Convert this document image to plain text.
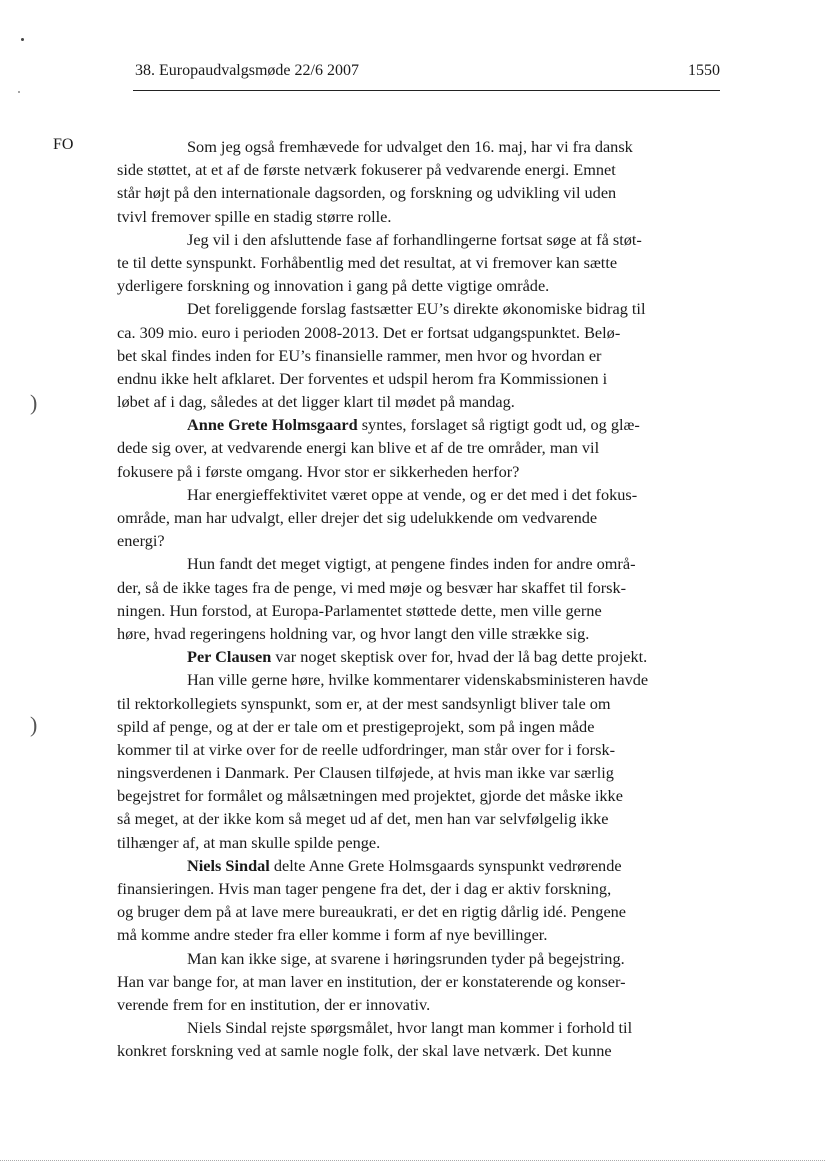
38. Europaudvalgsmøde 22/6 2007	1550
FO
)
)
Som jeg også fremhævede for udvalget den 16. maj, har vi fra dansk
side støttet, at et af de første netværk fokuserer på vedvarende energi. Emnet
står højt på den internationale dagsorden, og forskning og udvikling vil uden
tvivl fremover spille en stadig større rolle.
Jeg vil i den afsluttende fase af forhandlingerne fortsat søge at få støt-
te til dette synspunkt. Forhåbentlig med det resultat, at vi fremover kan sætte
yderligere forskning og innovation i gang på dette vigtige område.
Det foreliggende forslag fastsætter EU’s direkte økonomiske bidrag til
ca. 309 mio. euro i perioden 2008-2013. Det er fortsat udgangspunktet. Belø-
bet skal findes inden for EU’s finansielle rammer, men hvor og hvordan er
endnu ikke helt afklaret. Der forventes et udspil herom fra Kommissionen i
løbet af i dag, således at det ligger klart til mødet på mandag.
Anne Grete Holmsgaard syntes, forslaget så rigtigt godt ud, og glæ-
dede sig over, at vedvarende energi kan blive et af de tre områder, man vil
fokusere på i første omgang. Hvor stor er sikkerheden herfor?
Har energieffektivitet været oppe at vende, og er det med i det fokus-
område, man har udvalgt, eller drejer det sig udelukkende om vedvarende
energi?
Hun fandt det meget vigtigt, at pengene findes inden for andre områ-
der, så de ikke tages fra de penge, vi med møje og besvær har skaffet til forsk-
ningen. Hun forstod, at Europa-Parlamentet støttede dette, men ville gerne
høre, hvad regeringens holdning var, og hvor langt den ville strække sig.
Per Clausen var noget skeptisk over for, hvad der lå bag dette projekt.
Han ville gerne høre, hvilke kommentarer videnskabsministeren havde
til rektorkollegiets synspunkt, som er, at der mest sandsynligt bliver tale om
spild af penge, og at der er tale om et prestigeprojekt, som på ingen måde
kommer til at virke over for de reelle udfordringer, man står over for i forsk-
ningsverdenen i Danmark. Per Clausen tilføjede, at hvis man ikke var særlig
begejstret for formålet og målsætningen med projektet, gjorde det måske ikke
så meget, at der ikke kom så meget ud af det, men han var selvfølgelig ikke
tilhænger af, at man skulle spilde penge.
Niels Sindal delte Anne Grete Holmsgaards synspunkt vedrørende
finansieringen. Hvis man tager pengene fra det, der i dag er aktiv forskning,
og bruger dem på at lave mere bureaukrati, er det en rigtig dårlig idé. Pengene
må komme andre steder fra eller komme i form af nye bevillinger.
Man kan ikke sige, at svarene i høringsrunden tyder på begejstring.
Han var bange for, at man laver en institution, der er konstaterende og konser-
verende frem for en institution, der er innovativ.
Niels Sindal rejste spørgsmålet, hvor langt man kommer i forhold til
konkret forskning ved at samle nogle folk, der skal lave netværk. Det kunne
